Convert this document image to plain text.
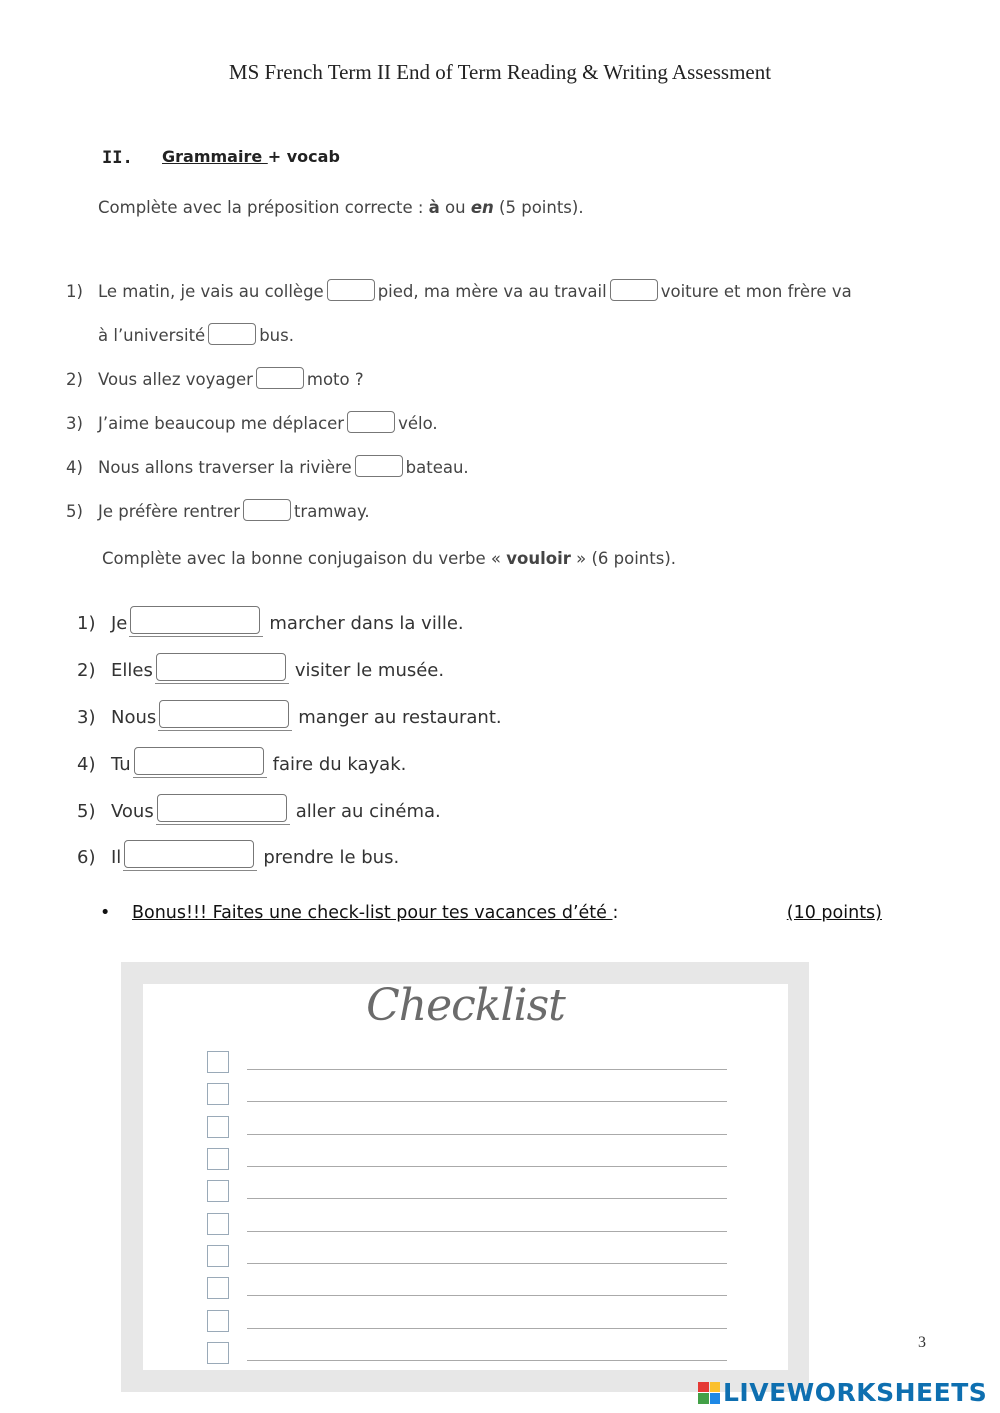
MS French Term II End of Term Reading & Writing Assessment
II. Grammaire + vocab
Complète avec la préposition correcte : à ou en (5 points).
1) Le matin, je vais au collège	pied, ma mère va au travail	voiture et mon frère va
à l’université	bus.
2) Vous allez voyager	moto ?
3) J’aime beaucoup me déplacer	vélo.
4) Nous allons traverser la rivière	bateau.
5) Je préfère rentrer	tramway.
Complète avec la bonne conjugaison du verbe « vouloir » (6 points).
1) Je	marcher dans la ville.
2) Elles	visiter le musée.
3) Nous	manger au restaurant.
4) Tu	faire du kayak.
5) Vous	aller au cinéma.
6) Il	prendre le bus.
• Bonus!!! Faites une check-list pour tes vacances d’été :	(10 points)
Checklist
3
LIVEWORKSHEETS
